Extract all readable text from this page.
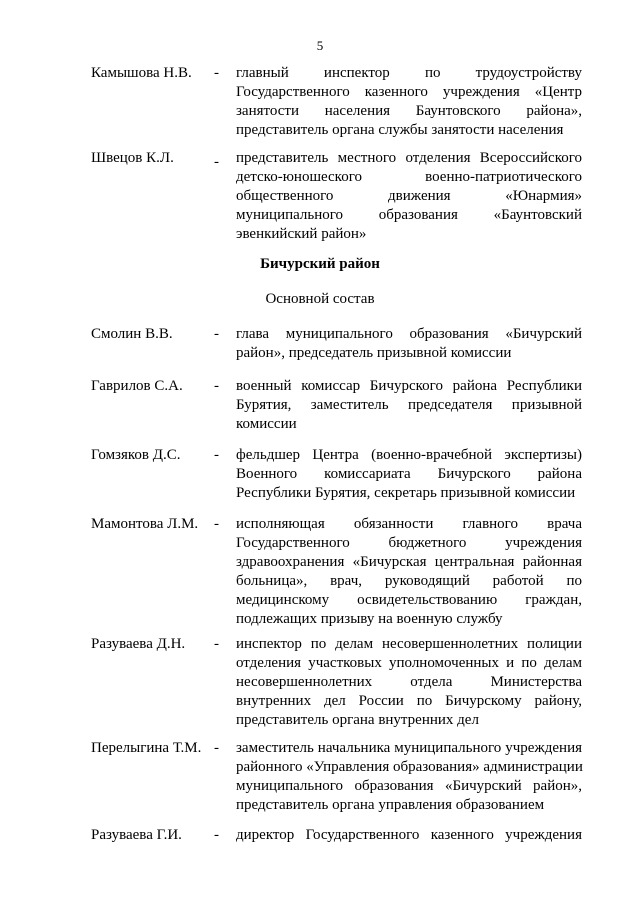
5
Камышова Н.В. - главный инспектор по трудоустройству
Государственного казенного учреждения «Центр
занятости населения Баунтовского района»,
представитель органа службы занятости населения
Швецов К.Л.	- представитель местного отделения Всероссийского
детско-юношеского военно-патриотического
общественного движения «Юнармия»
муниципального образования «Баунтовский
эвенкийский район»
Бичурский район
Основной состав
Смолин В.В.	- глава муниципального образования «Бичурский
район», председатель призывной комиссии
Гаврилов С.А. - военный комиссар Бичурского района Республики
Бурятия, заместитель председателя призывной
комиссии
Гомзяков Д.С. - фельдшер Центра (военно-врачебной экспертизы)
Военного комиссариата Бичурского района
Республики Бурятия, секретарь призывной комиссии
Мамонтова Л.М. - исполняющая обязанности главного врача
Государственного бюджетного учреждения
здравоохранения «Бичурская центральная районная
больница», врач, руководящий работой по
медицинскому освидетельствованию граждан,
подлежащих призыву на военную службу
Разуваева Д.Н. - инспектор по делам несовершеннолетних полиции
отделения участковых уполномоченных и по делам
несовершеннолетних отдела Министерства
внутренних дел России по Бичурскому району,
представитель органа внутренних дел
Перелыгина Т.М. - заместитель начальника муниципального учреждения
районного «Управления образования» администрации
муниципального образования «Бичурский район»,
представитель органа управления образованием
Разуваева Г.И. - директор Государственного казенного учреждения
